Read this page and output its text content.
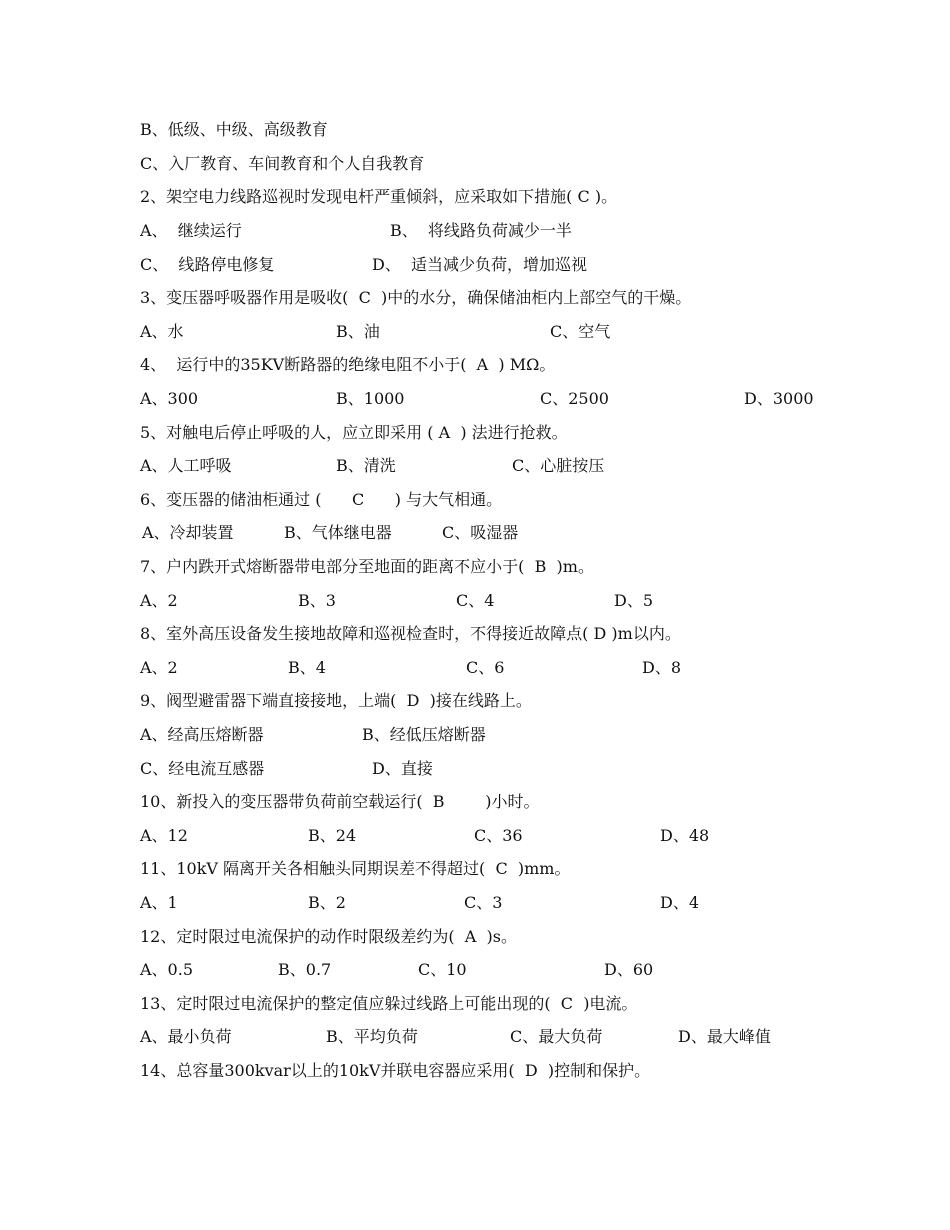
B、低级、中级、高级教育
C、入厂教育、车间教育和个人自我教育
2、架空电力线路巡视时发现电杆严重倾斜，应采取如下措施( C )。

A、  继续运行

	B、  将线路负荷减少一半

C、  线路停电修复

	D、  适当减少负荷，增加巡视

3、变压器呼吸器作用是吸收(  C  )中的水分，确保储油柜内上部空气的干燥。

A、水

	B、油

	C、空气

4、  运行中的35KV断路器的绝缘电阻不小于(  A  ) MΩ。

A、300

	B、1000

	C、2500

	D、3000

5、对触电后停止呼吸的人，应立即采用 ( A  ) 法进行抢救。

A、人工呼吸

	B、清洗

	C、心脏按压

6、变压器的储油柜通过 (      C      ) 与大气相通。

A、冷却装置

	B、气体继电器

	C、吸湿器

7、户内跌开式熔断器带电部分至地面的距离不应小于(  B  )m。

A、2

	B、3

	C、4

	D、5

8、室外高压设备发生接地故障和巡视检查时，不得接近故障点( D )m以内。

A、2

	B、4

	C、6

	D、8

9、阀型避雷器下端直接接地，上端(  D  )接在线路上。

A、经高压熔断器

	B、经低压熔断器

C、经电流互感器

	D、直接

10、新投入的变压器带负荷前空载运行(  B        )小时。

A、12

	B、24

	C、36

	D、48

11、10kV 隔离开关各相触头同期误差不得超过(  C  )mm。

A、1

	B、2

	C、3

	D、4

12、定时限过电流保护的动作时限级差约为(  A  )s。

A、0.5

	B、0.7

	C、10

	D、60

13、定时限过电流保护的整定值应躲过线路上可能出现的(  C  )电流。

A、最小负荷

	B、平均负荷

	C、最大负荷

	D、最大峰值

14、总容量300kvar以上的10kV并联电容器应采用(  D  )控制和保护。
